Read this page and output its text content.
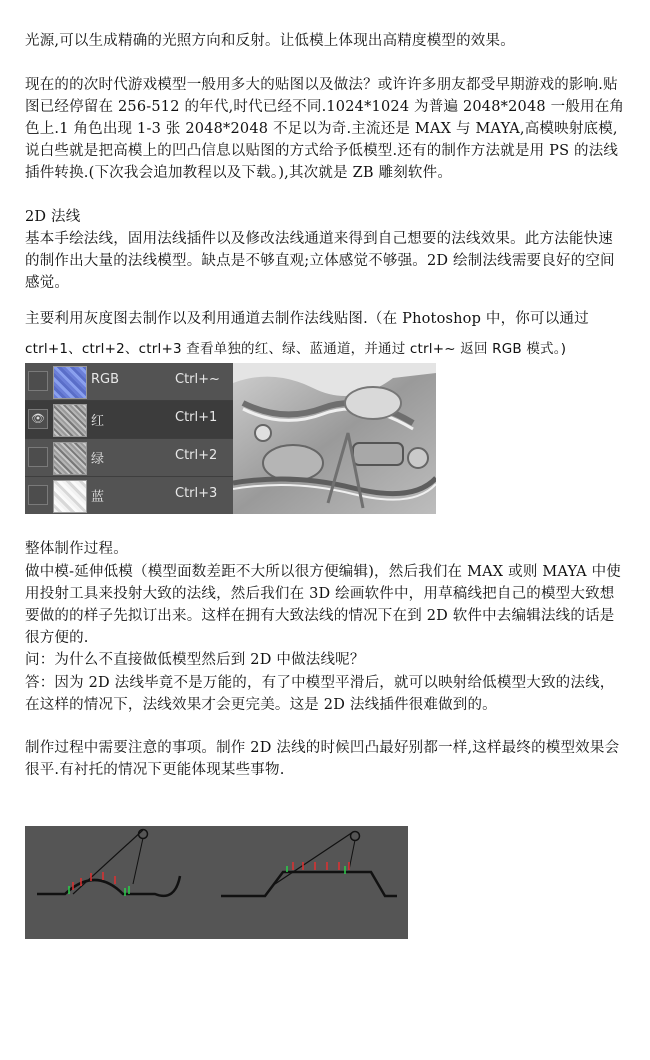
光源,可以生成精确的光照方向和反射。让低模上体现出高精度模型的效果。

现在的的次时代游戏模型一般用多大的贴图以及做法？或许许多朋友都受早期游戏的影响.贴图已经停留在 256-512 的年代,时代已经不同.1024*1024 为普遍 2048*2048 一般用在角色上.1 角色出现 1-3 张 2048*2048 不足以为奇.主流还是 MAX 与 MAYA,高模映射底模,说白些就是把高模上的凹凸信息以贴图的方式给予低模型.还有的制作方法就是用 PS 的法线插件转换.(下次我会追加教程以及下载。),其次就是 ZB 雕刻软件。

2D 法线

基本手绘法线，固用法线插件以及修改法线通道来得到自己想要的法线效果。此方法能快速的制作出大量的法线模型。缺点是不够直观;立体感觉不够强。2D 绘制法线需要良好的空间感觉。

主要利用灰度图去制作以及利用通道去制作法线贴图.（在 Photoshop 中，你可以通过

ctrl+1、ctrl+2、ctrl+3 查看单独的红、绿、蓝通道，并通过 ctrl+~ 返回 RGB 模式。)

RGB	Ctrl+~
👁	红	Ctrl+1
绿	Ctrl+2
蓝	Ctrl+3

整体制作过程。

做中模-延伸低模（模型面数差距不大所以很方便编辑)，然后我们在 MAX 或则 MAYA 中使用投射工具来投射大致的法线，然后我们在 3D 绘画软件中，用草稿线把自己的模型大致想要做的的样子先拟订出来。这样在拥有大致法线的情况下在到 2D 软件中去编辑法线的话是很方便的.

问：为什么不直接做低模型然后到 2D 中做法线呢？

答：因为 2D 法线毕竟不是万能的，有了中模型平滑后，就可以映射给低模型大致的法线，在这样的情况下，法线效果才会更完美。这是 2D 法线插件很难做到的。

制作过程中需要注意的事项。制作 2D 法线的时候凹凸最好别都一样,这样最终的模型效果会很平.有衬托的情况下更能体现某些事物.
